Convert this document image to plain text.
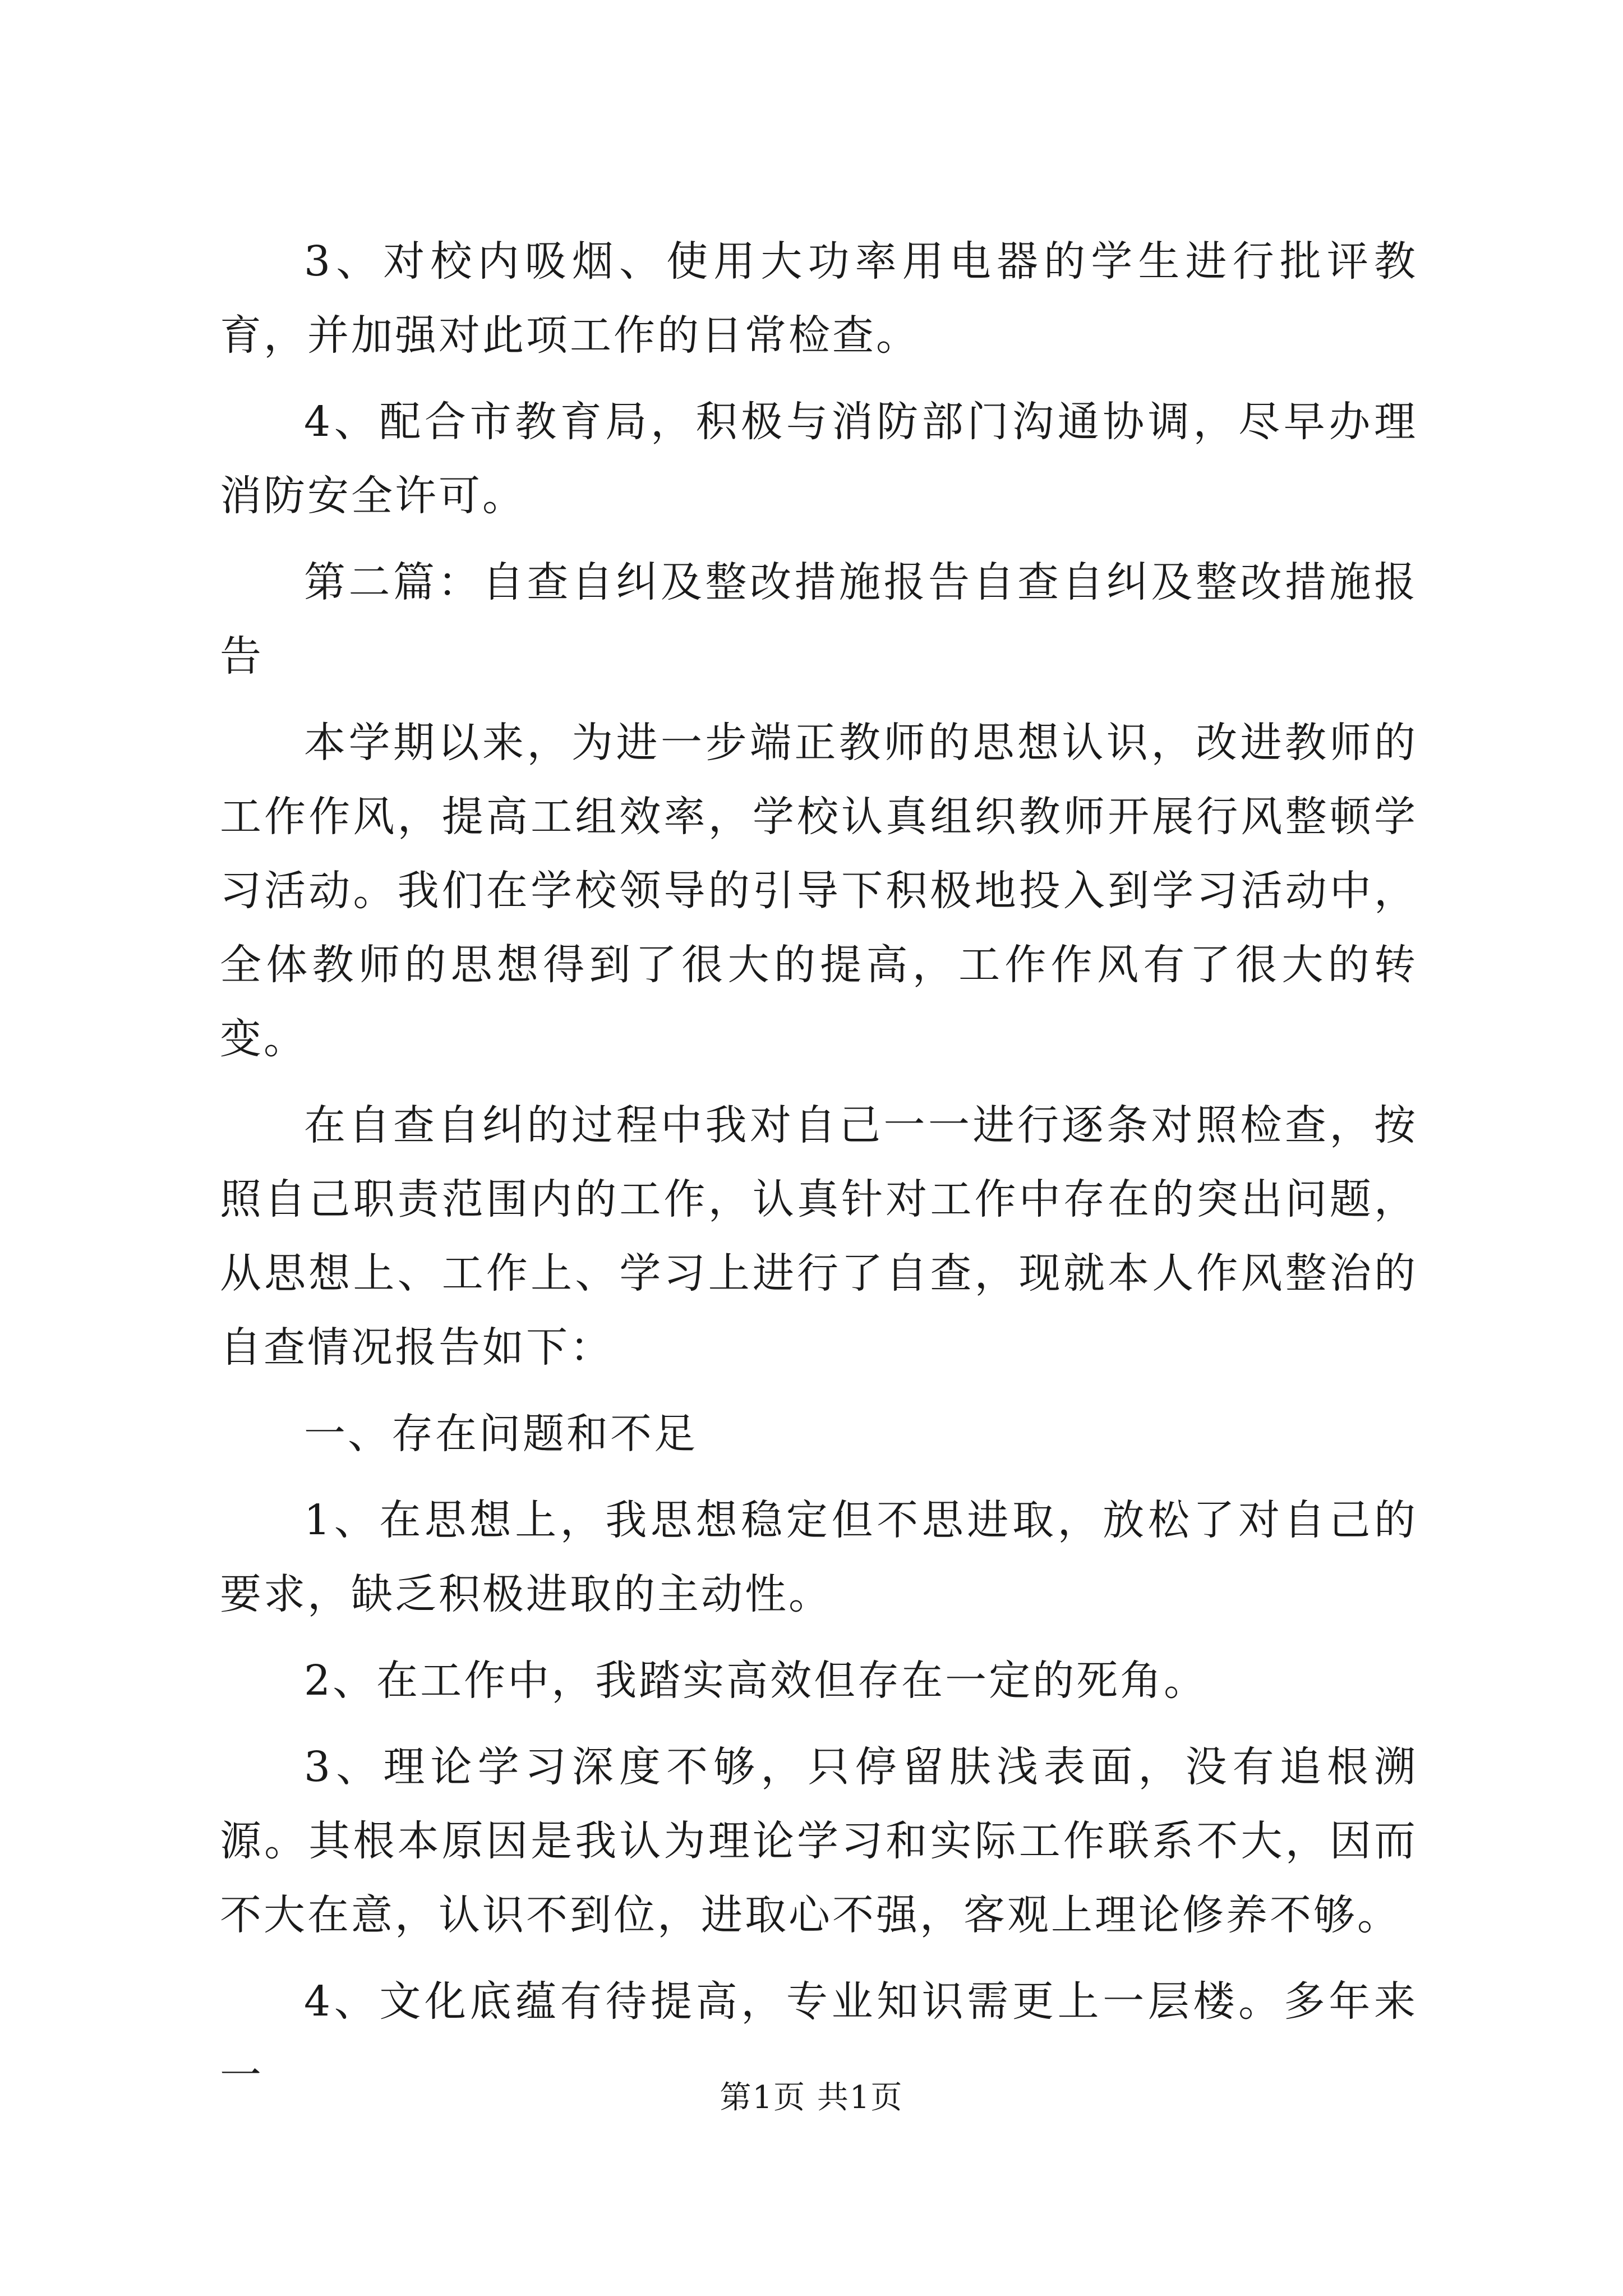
3、对校内吸烟、使用大功率用电器的学生进行批评教育，并加强对此项工作的日常检查。

4、配合市教育局，积极与消防部门沟通协调，尽早办理消防安全许可。

第二篇：自查自纠及整改措施报告自查自纠及整改措施报告

本学期以来，为进一步端正教师的思想认识，改进教师的工作作风，提高工组效率，学校认真组织教师开展行风整顿学习活动。我们在学校领导的引导下积极地投入到学习活动中，全体教师的思想得到了很大的提高，工作作风有了很大的转变。

在自查自纠的过程中我对自己一一进行逐条对照检查，按照自己职责范围内的工作，认真针对工作中存在的突出问题，从思想上、工作上、学习上进行了自查，现就本人作风整治的自查情况报告如下：

一、存在问题和不足

1、在思想上，我思想稳定但不思进取，放松了对自己的要求，缺乏积极进取的主动性。

2、在工作中，我踏实高效但存在一定的死角。

3、理论学习深度不够，只停留肤浅表面，没有追根溯源。其根本原因是我认为理论学习和实际工作联系不大，因而不大在意，认识不到位，进取心不强，客观上理论修养不够。

4、文化底蕴有待提高，专业知识需更上一层楼。多年来一	第1页 共1页
